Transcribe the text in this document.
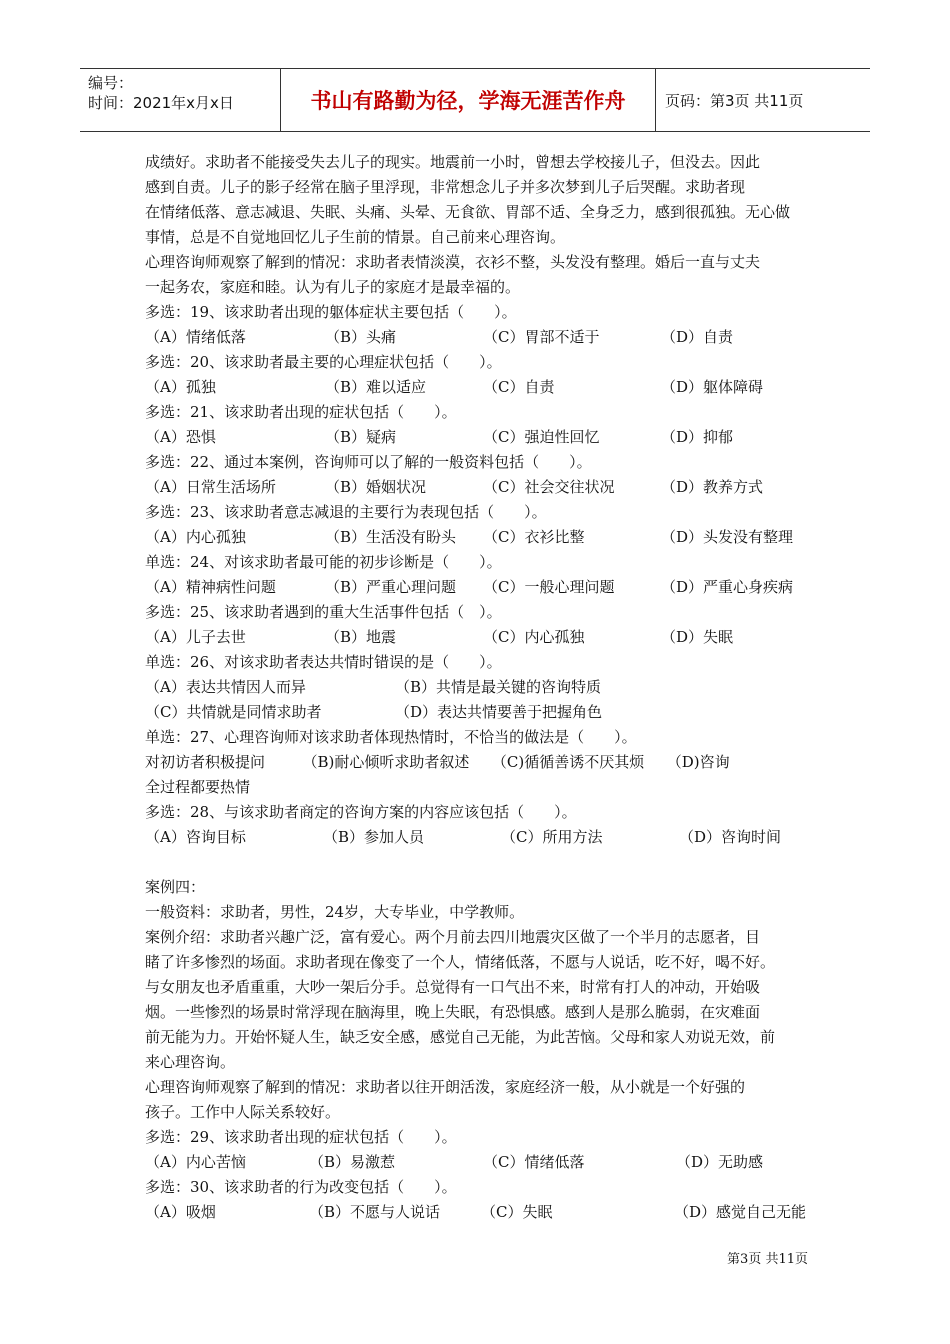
编号：
时间：2021年x月x日	书山有路勤为径，学海无涯苦作舟	页码：第3页 共11页
成绩好。求助者不能接受失去儿子的现实。地震前一小时，曾想去学校接儿子，但没去。因此
感到自责。儿子的影子经常在脑子里浮现，非常想念儿子并多次梦到儿子后哭醒。求助者现
在情绪低落、意志减退、失眠、头痛、头晕、无食欲、胃部不适、全身乏力，感到很孤独。无心做
事情，总是不自觉地回忆儿子生前的情景。自己前来心理咨询。
心理咨询师观察了解到的情况：求助者表情淡漠，衣衫不整，头发没有整理。婚后一直与丈夫
一起务农，家庭和睦。认为有儿子的家庭才是最幸福的。
多选：19、该求助者出现的躯体症状主要包括（　　）。
（A）情绪低落	（B）头痛	（C）胃部不适于	（D）自责
多选：20、该求助者最主要的心理症状包括（　　）。
（A）孤独	（B）难以适应	（C）自责	（D）躯体障碍
多选：21、该求助者出现的症状包括（　　）。
（A）恐惧	（B）疑病	（C）强迫性回忆	（D）抑郁
多选：22、通过本案例，咨询师可以了解的一般资料包括（　　）。
（A）日常生活场所	（B）婚姻状况	（C）社会交往状况	（D）教养方式
多选：23、该求助者意志减退的主要行为表现包括（　　）。
（A）内心孤独	（B）生活没有盼头	（C）衣衫比整	（D）头发没有整理
单选：24、对该求助者最可能的初步诊断是（　　）。
（A）精神病性问题	（B）严重心理问题	（C）一般心理问题	（D）严重心身疾病
多选：25、该求助者遇到的重大生活事件包括（　）。
（A）儿子去世	（B）地震	（C）内心孤独	（D）失眠
单选：26、对该求助者表达共情时错误的是（　　）。
（A）表达共情因人而异	（B）共情是最关键的咨询特质
（C）共情就是同情求助者	（D）表达共情要善于把握角色
单选：27、心理咨询师对该求助者体现热情时，不恰当的做法是（　　）。
对初访者积极提问　　　（B)耐心倾听求助者叙述　　（C)循循善诱不厌其烦　　（D)咨询
全过程都要热情
多选：28、与该求助者商定的咨询方案的内容应该包括（　　）。
（A）咨询目标	（B）参加人员	（C）所用方法	（D）咨询时间
案例四：
一般资料：求助者，男性，24岁，大专毕业，中学教师。
案例介绍：求助者兴趣广泛，富有爱心。两个月前去四川地震灾区做了一个半月的志愿者，目
睹了许多惨烈的场面。求助者现在像变了一个人，情绪低落，不愿与人说话，吃不好，喝不好。
与女朋友也矛盾重重，大吵一架后分手。总觉得有一口气出不来，时常有打人的冲动，开始吸
烟。一些惨烈的场景时常浮现在脑海里，晚上失眠，有恐惧感。感到人是那么脆弱，在灾难面
前无能为力。开始怀疑人生，缺乏安全感，感觉自己无能，为此苦恼。父母和家人劝说无效，前
来心理咨询。
心理咨询师观察了解到的情况：求助者以往开朗活泼，家庭经济一般，从小就是一个好强的
孩子。工作中人际关系较好。
多选：29、该求助者出现的症状包括（　　）。
（A）内心苦恼	（B）易激惹	（C）情绪低落	（D）无助感
多选：30、该求助者的行为改变包括（　　）。
（A）吸烟	（B）不愿与人说话	（C）失眠	（D）感觉自己无能
第3页 共11页
